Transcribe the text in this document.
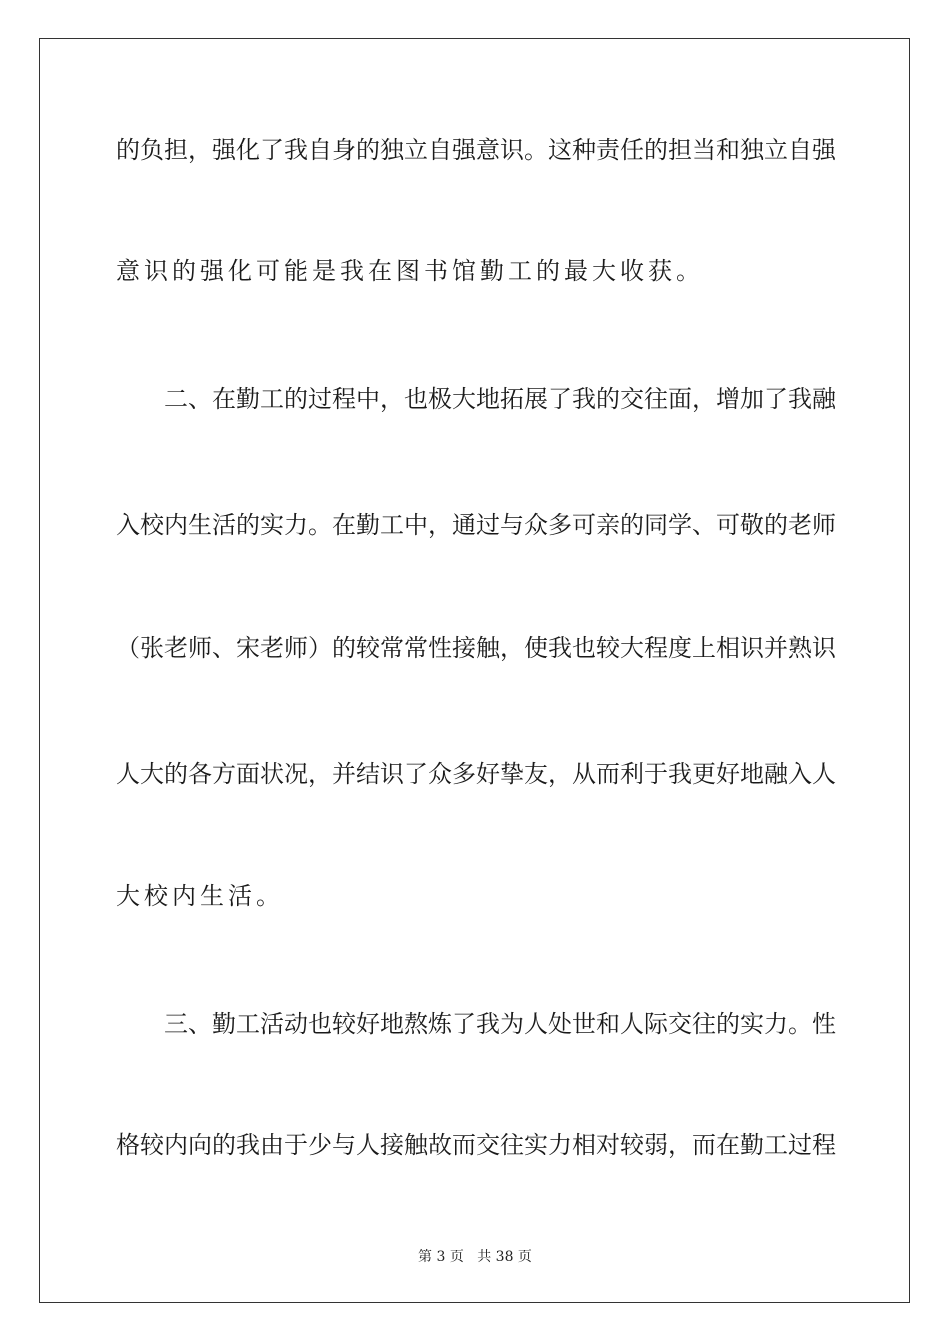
的负担，强化了我自身的独立自强意识。这种责任的担当和独立自强
意识的强化可能是我在图书馆勤工的最大收获。
二、在勤工的过程中，也极大地拓展了我的交往面，增加了我融
入校内生活的实力。在勤工中，通过与众多可亲的同学、可敬的老师
（张老师、宋老师）的较常常性接触，使我也较大程度上相识并熟识
人大的各方面状况，并结识了众多好挚友，从而利于我更好地融入人
大校内生活。
三、勤工活动也较好地熬炼了我为人处世和人际交往的实力。性
格较内向的我由于少与人接触故而交往实力相对较弱，而在勤工过程
第 3 页 共 38 页
